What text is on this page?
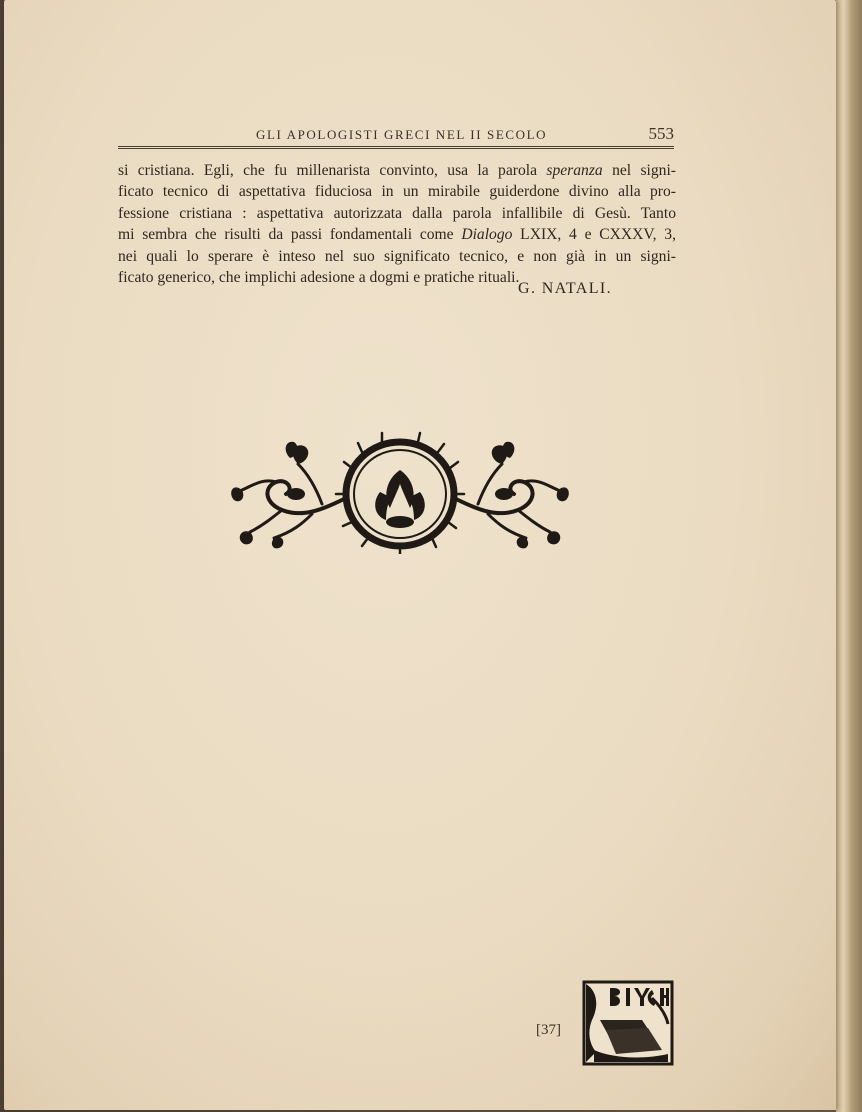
GLI APOLOGISTI GRECI NEL II SECOLO	553
si cristiana. Egli, che fu millenarista convinto, usa la parola speranza nel signi-
ficato tecnico di aspettativa fiduciosa in un mirabile guiderdone divino alla pro-
fessione cristiana : aspettativa autorizzata dalla parola infallibile di Gesù. Tanto
mi sembra che risulti da passi fondamentali come Dialogo LXIX, 4 e CXXXV, 3,
nei quali lo sperare è inteso nel suo significato tecnico, e non già in un signi-
ficato generico, che implichi adesione a dogmi e pratiche rituali.
G. NATALI.
[37]
